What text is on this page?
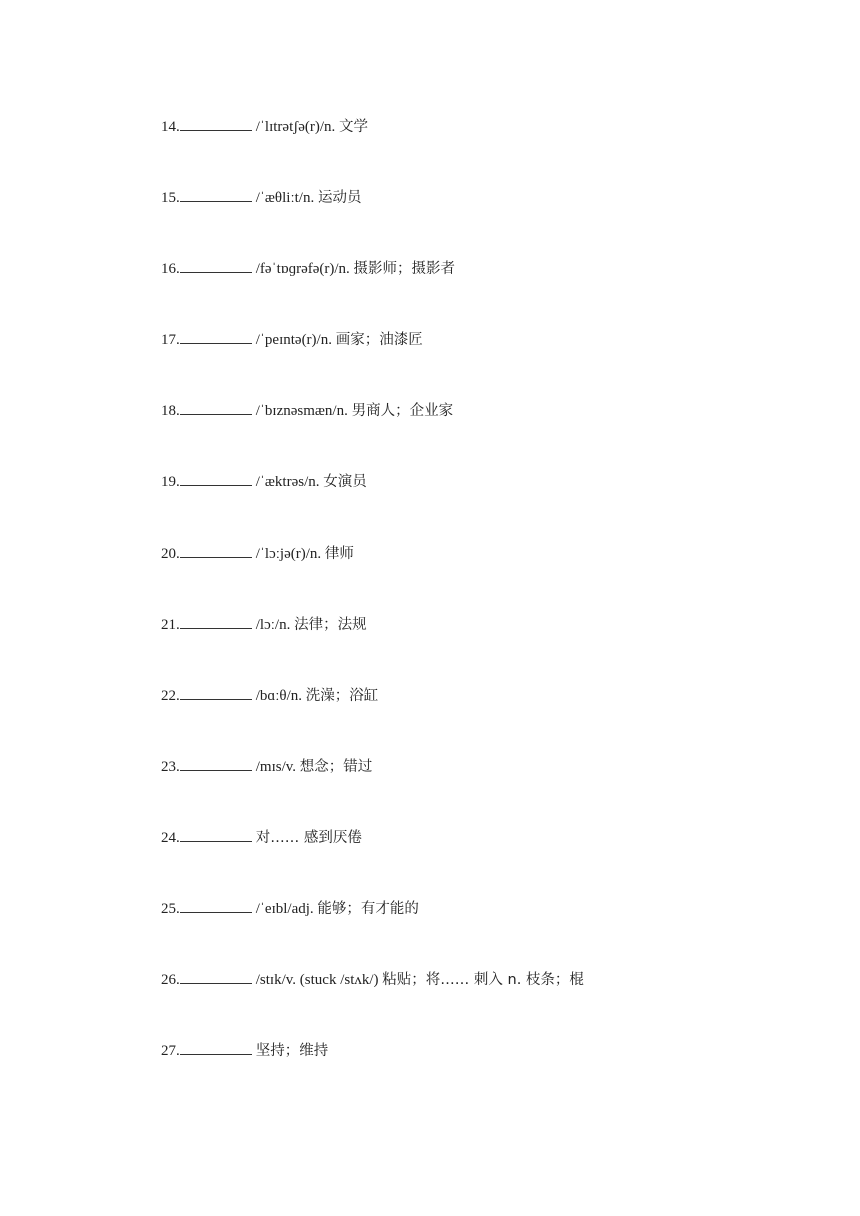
14.	/ˈlɪtrətʃə(r)/n. 文学
15.	/ˈæθliːt/n. 运动员
16.	/fəˈtɒɡrəfə(r)/n. 摄影师；摄影者
17.	/ˈpeɪntə(r)/n. 画家；油漆匠
18.	/ˈbɪznəsmæn/n. 男商人；企业家
19.	/ˈæktrəs/n. 女演员
20.	/ˈlɔːjə(r)/n. 律师
21.	/lɔː/n. 法律；法规
22.	/bɑːθ/n. 洗澡；浴缸
23.	/mɪs/v. 想念；错过
24.	对…… 感到厌倦
25.	/ˈeɪbl/adj. 能够；有才能的
26.	/stɪk/v. (stuck /stʌk/) 粘贴；将…… 刺入 n. 枝条；棍
27.	坚持；维持
